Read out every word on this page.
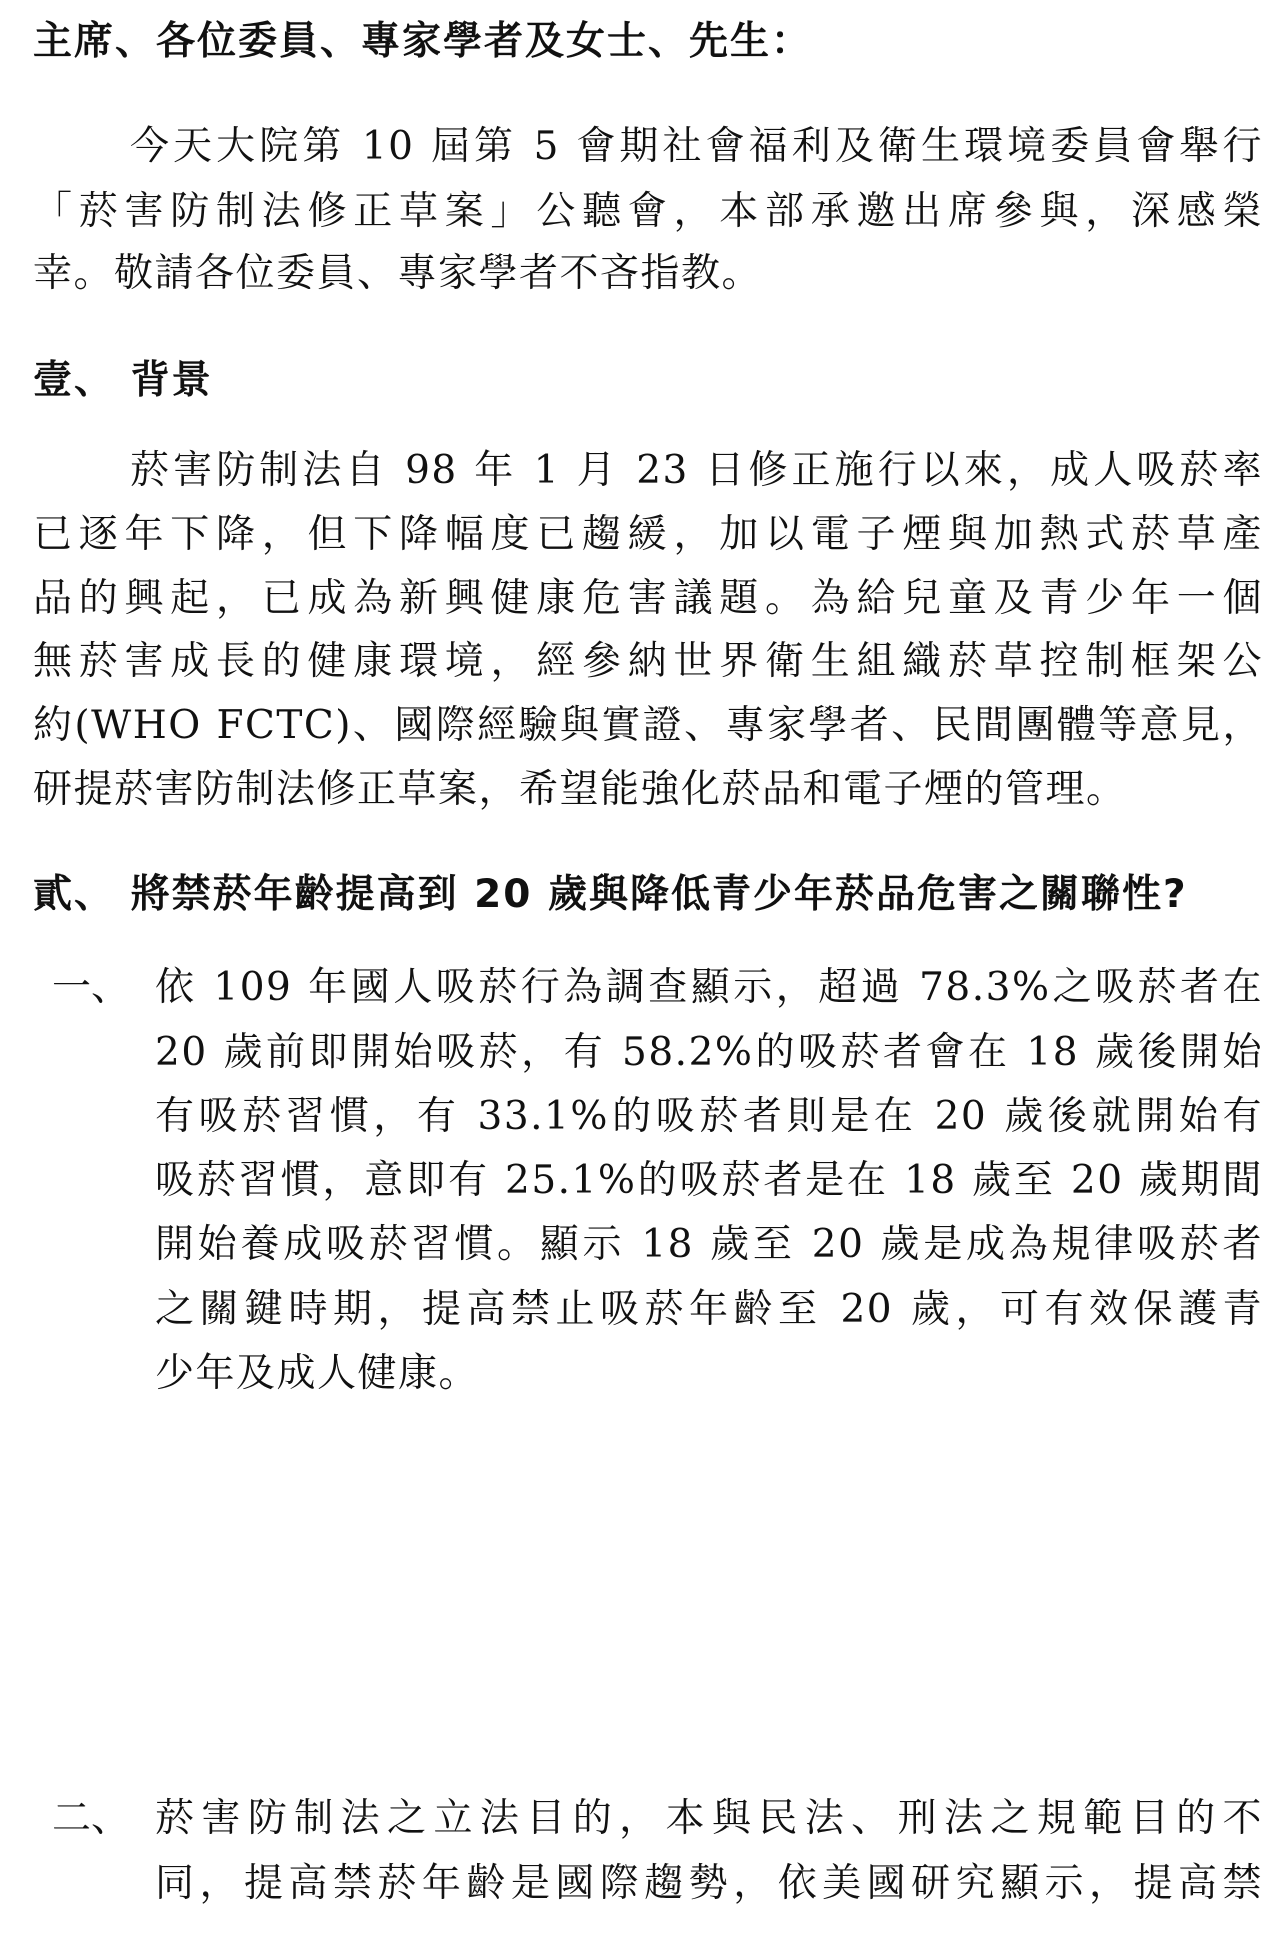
主席、各位委員、專家學者及女士、先生：
今天大院第 10 屆第 5 會期社會福利及衛生環境委員會舉行
「菸害防制法修正草案」公聽會，本部承邀出席參與，深感榮
幸。敬請各位委員、專家學者不吝指教。
壹、 背景
菸害防制法自 98 年 1 月 23 日修正施行以來，成人吸菸率
已逐年下降，但下降幅度已趨緩，加以電子煙與加熱式菸草產
品的興起，已成為新興健康危害議題。為給兒童及青少年一個
無菸害成長的健康環境，經參納世界衛生組織菸草控制框架公
約(WHO FCTC)、國際經驗與實證、專家學者、民間團體等意見，
研提菸害防制法修正草案，希望能強化菸品和電子煙的管理。
貳、 將禁菸年齡提高到 20 歲與降低青少年菸品危害之關聯性?
一、 依 109 年國人吸菸行為調查顯示，超過 78.3%之吸菸者在
20 歲前即開始吸菸，有 58.2%的吸菸者會在 18 歲後開始
有吸菸習慣，有 33.1%的吸菸者則是在 20 歲後就開始有
吸菸習慣，意即有 25.1%的吸菸者是在 18 歲至 20 歲期間
開始養成吸菸習慣。顯示 18 歲至 20 歲是成為規律吸菸者
之關鍵時期，提高禁止吸菸年齡至 20 歲，可有效保護青
少年及成人健康。
二、 菸害防制法之立法目的，本與民法、刑法之規範目的不
同，提高禁菸年齡是國際趨勢，依美國研究顯示，提高禁
